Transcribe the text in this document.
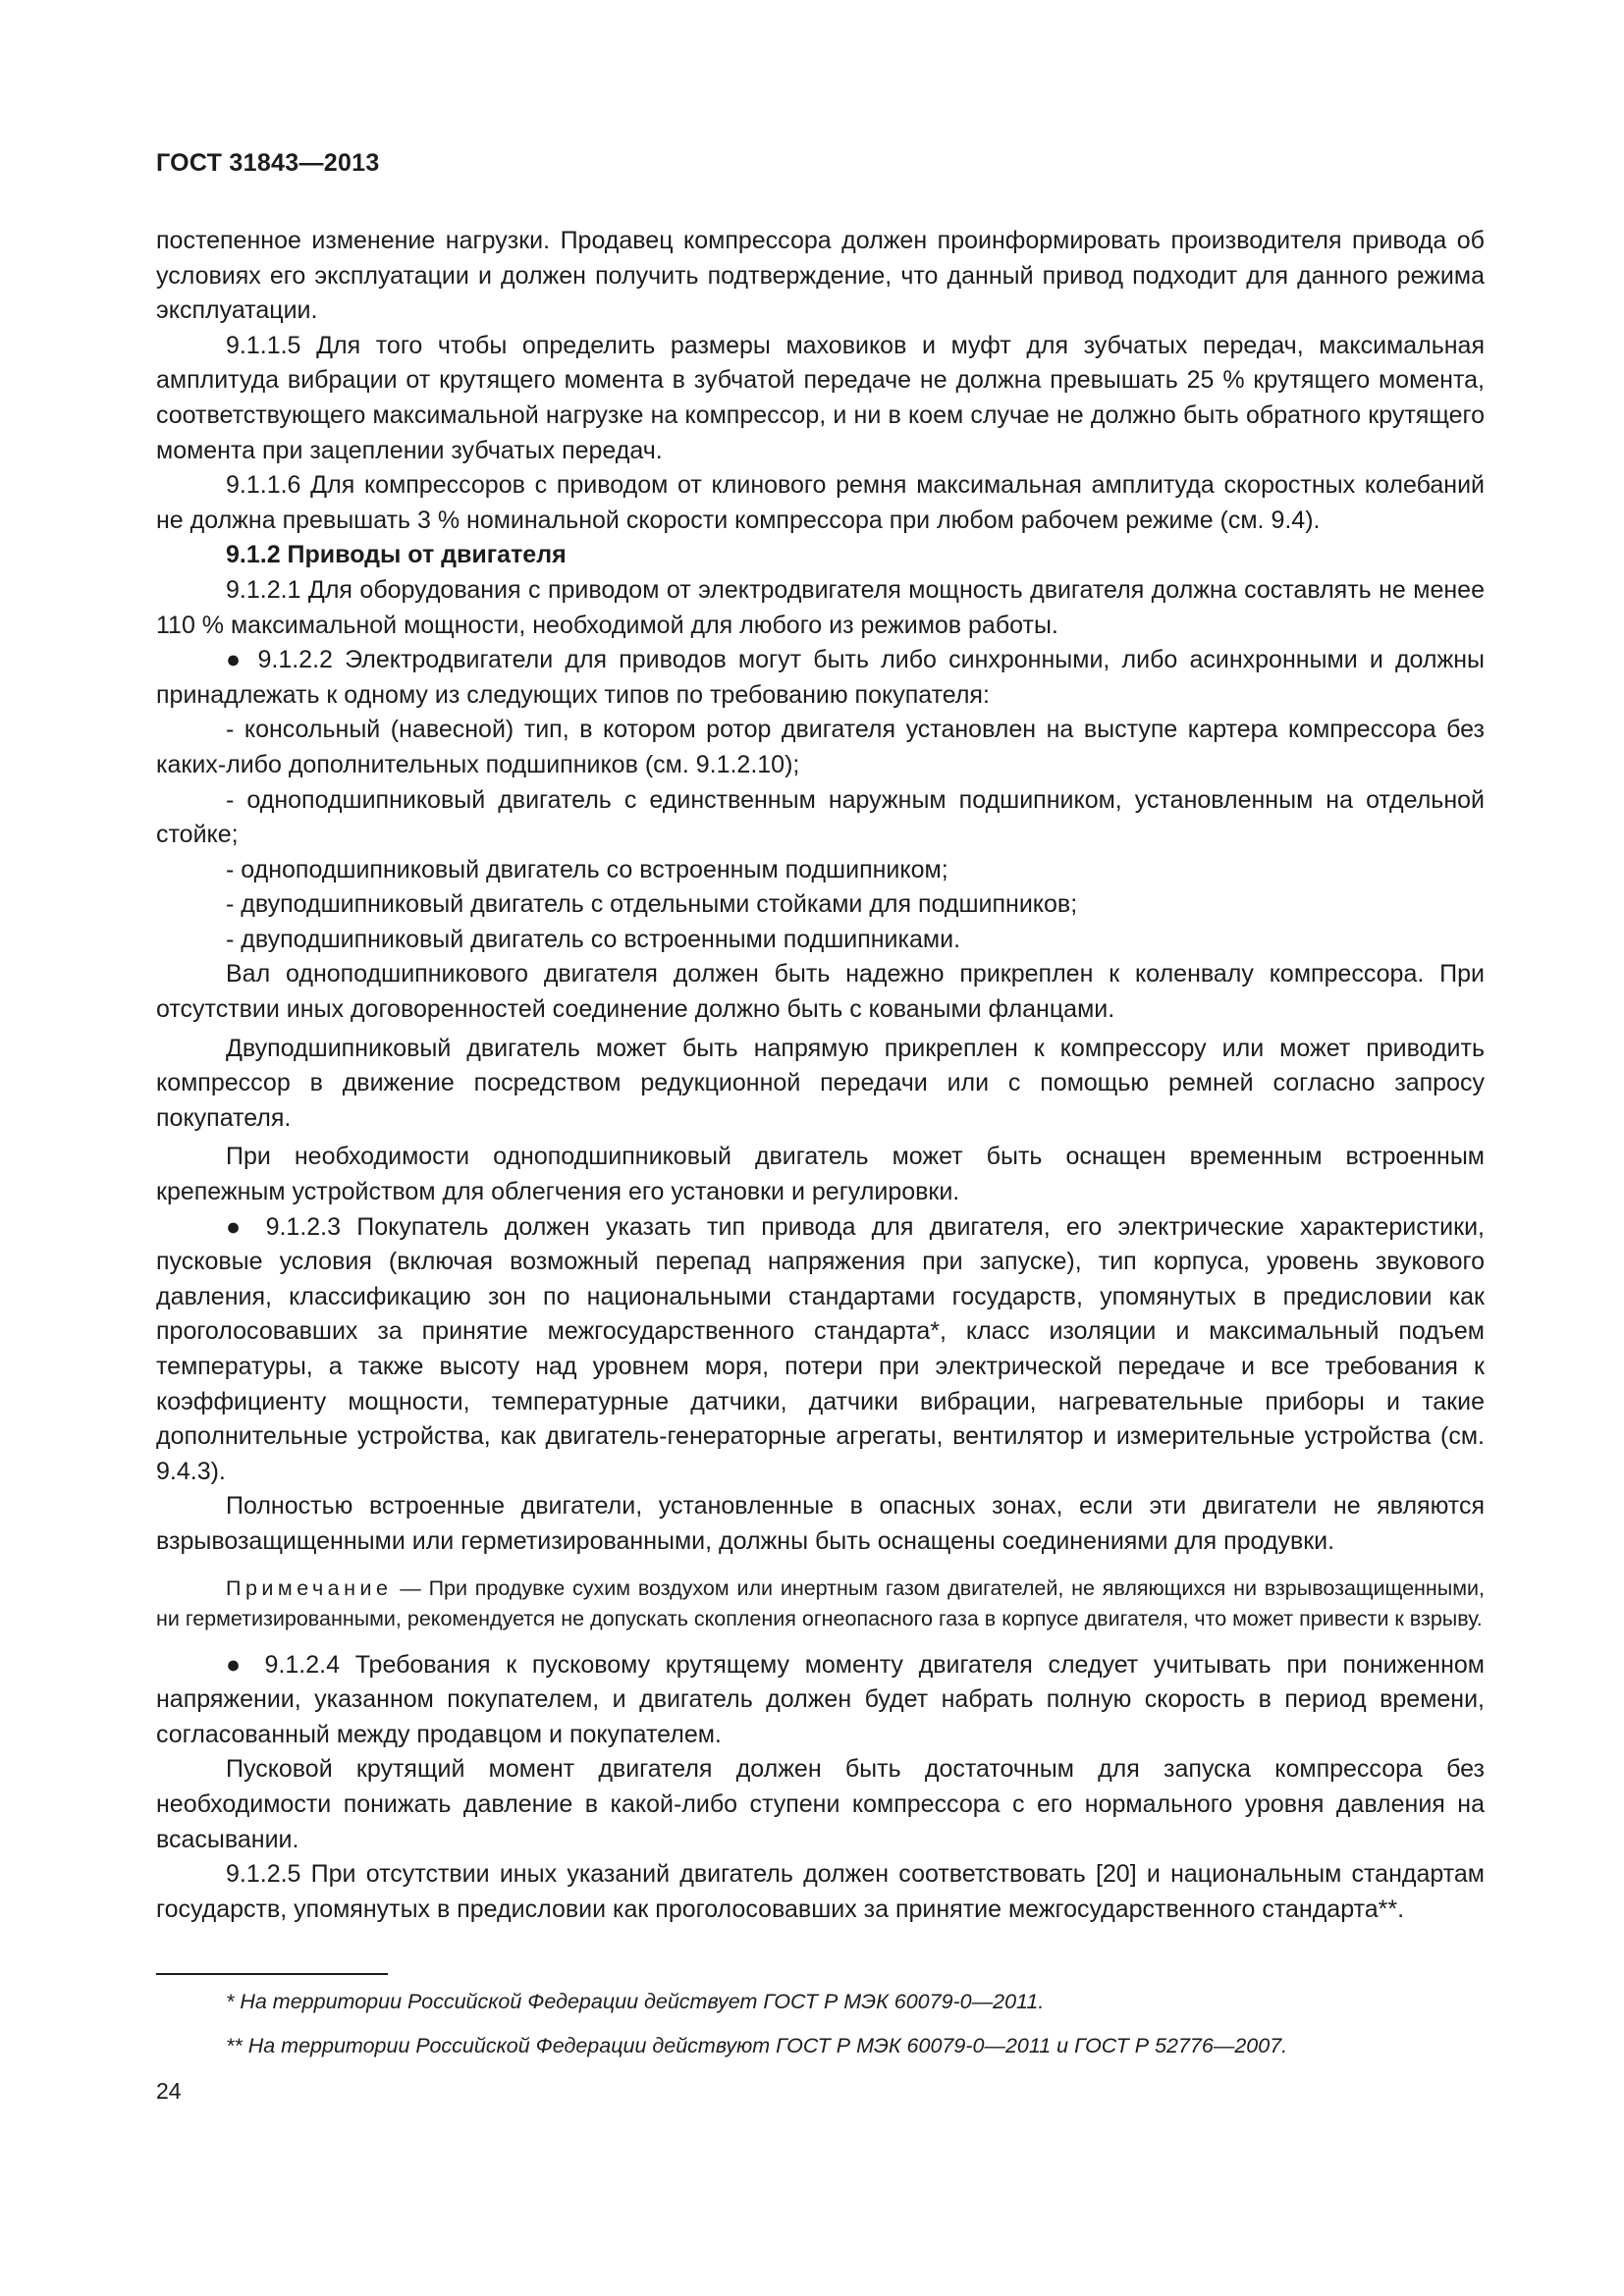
ГОСТ 31843—2013

постепенное изменение нагрузки. Продавец компрессора должен проинформировать производителя привода об условиях его эксплуатации и должен получить подтверждение, что данный привод подходит для данного режима эксплуатации.

9.1.1.5 Для того чтобы определить размеры маховиков и муфт для зубчатых передач, максимальная амплитуда вибрации от крутящего момента в зубчатой передаче не должна превышать 25 % крутящего момента, соответствующего максимальной нагрузке на компрессор, и ни в коем случае не должно быть обратного крутящего момента при зацеплении зубчатых передач.

9.1.1.6 Для компрессоров с приводом от клинового ремня максимальная амплитуда скоростных колебаний не должна превышать 3 % номинальной скорости компрессора при любом рабочем режиме (см. 9.4).

9.1.2 Приводы от двигателя

9.1.2.1 Для оборудования с приводом от электродвигателя мощность двигателя должна составлять не менее 110 % максимальной мощности, необходимой для любого из режимов работы.

● 9.1.2.2 Электродвигатели для приводов могут быть либо синхронными, либо асинхронными и должны принадлежать к одному из следующих типов по требованию покупателя:

- консольный (навесной) тип, в котором ротор двигателя установлен на выступе картера компрессора без каких-либо дополнительных подшипников (см. 9.1.2.10);

- одноподшипниковый двигатель с единственным наружным подшипником, установленным на отдельной стойке;

- одноподшипниковый двигатель со встроенным подшипником;

- двуподшипниковый двигатель с отдельными стойками для подшипников;

- двуподшипниковый двигатель со встроенными подшипниками.

Вал одноподшипникового двигателя должен быть надежно прикреплен к коленвалу компрессора. При отсутствии иных договоренностей соединение должно быть с коваными фланцами.

Двуподшипниковый двигатель может быть напрямую прикреплен к компрессору или может приводить компрессор в движение посредством редукционной передачи или с помощью ремней согласно запросу покупателя.

При необходимости одноподшипниковый двигатель может быть оснащен временным встроенным крепежным устройством для облегчения его установки и регулировки.

● 9.1.2.3 Покупатель должен указать тип привода для двигателя, его электрические характеристики, пусковые условия (включая возможный перепад напряжения при запуске), тип корпуса, уровень звукового давления, классификацию зон по национальными стандартами государств, упомянутых в предисловии как проголосовавших за принятие межгосударственного стандарта*, класс изоляции и максимальный подъем температуры, а также высоту над уровнем моря, потери при электрической передаче и все требования к коэффициенту мощности, температурные датчики, датчики вибрации, нагревательные приборы и такие дополнительные устройства, как двигатель-генераторные агрегаты, вентилятор и измерительные устройства (см. 9.4.3).

Полностью встроенные двигатели, установленные в опасных зонах, если эти двигатели не являются взрывозащищенными или герметизированными, должны быть оснащены соединениями для продувки.

Примечание — При продувке сухим воздухом или инертным газом двигателей, не являющихся ни взрывозащищенными, ни герметизированными, рекомендуется не допускать скопления огнеопасного газа в корпусе двигателя, что может привести к взрыву.

● 9.1.2.4 Требования к пусковому крутящему моменту двигателя следует учитывать при пониженном напряжении, указанном покупателем, и двигатель должен будет набрать полную скорость в период времени, согласованный между продавцом и покупателем.

Пусковой крутящий момент двигателя должен быть достаточным для запуска компрессора без необходимости понижать давление в какой-либо ступени компрессора с его нормального уровня давления на всасывании.

9.1.2.5 При отсутствии иных указаний двигатель должен соответствовать [20] и национальным стандартам государств, упомянутых в предисловии как проголосовавших за принятие межгосударственного стандарта**.

* На территории Российской Федерации действует ГОСТ Р МЭК 60079-0—2011.
** На территории Российской Федерации действуют ГОСТ Р МЭК 60079-0—2011 и ГОСТ Р 52776—2007.
24
